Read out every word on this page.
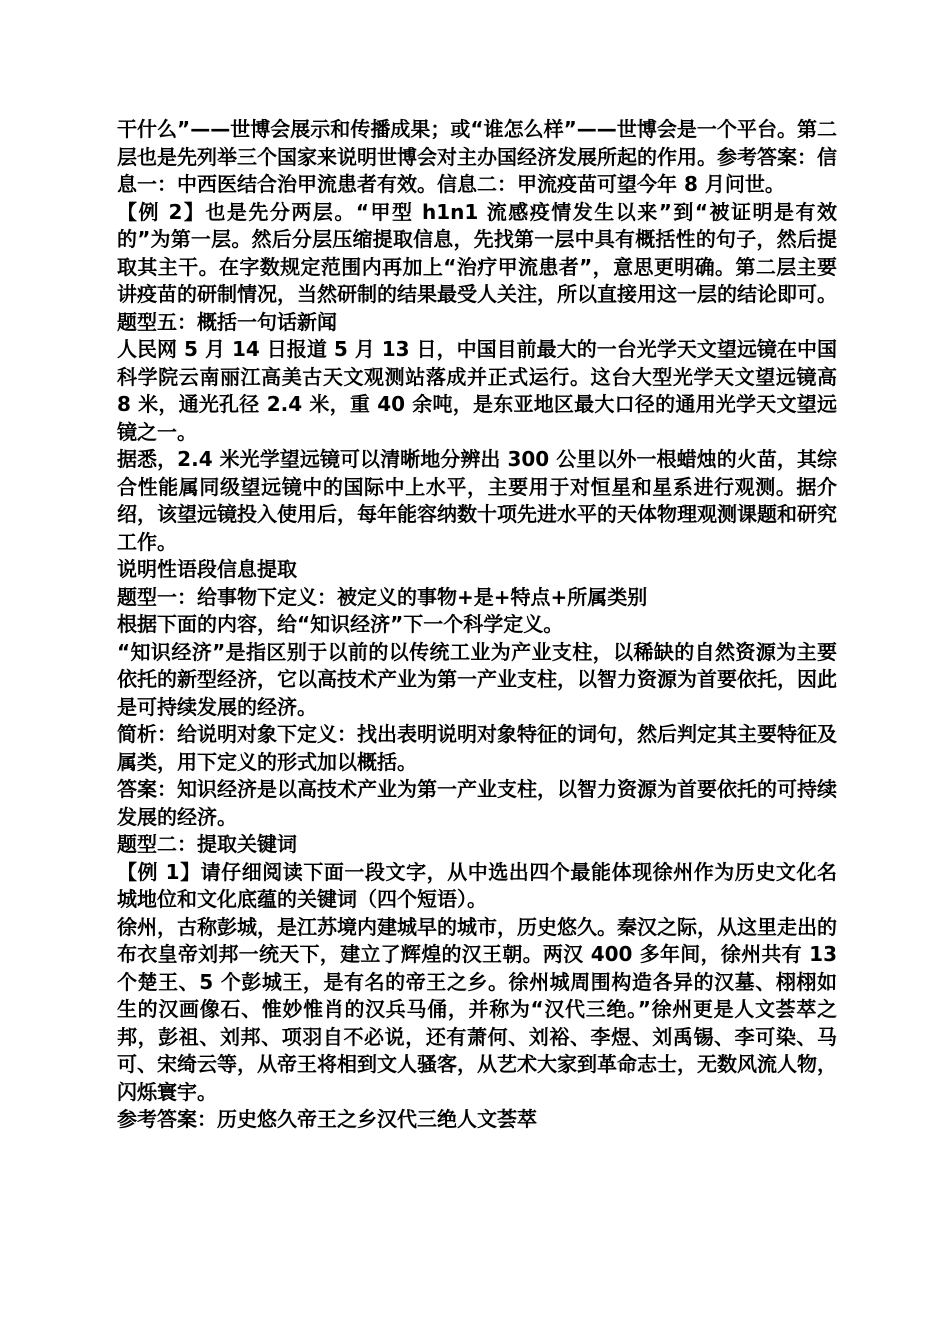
干什么”——世博会展示和传播成果；或“谁怎么样”——世博会是一个平台。第二层也是先列举三个国家来说明世博会对主办国经济发展所起的作用。参考答案：信息一：中西医结合治甲流患者有效。信息二：甲流疫苗可望今年 8 月问世。

【例 2】也是先分两层。“甲型 h1n1 流感疫情发生以来”到“被证明是有效的”为第一层。然后分层压缩提取信息，先找第一层中具有概括性的句子，然后提取其主干。在字数规定范围内再加上“治疗甲流患者”，意思更明确。第二层主要讲疫苗的研制情况，当然研制的结果最受人关注，所以直接用这一层的结论即可。

题型五：概括一句话新闻

人民网 5 月 14 日报道 5 月 13 日，中国目前最大的一台光学天文望远镜在中国科学院云南丽江高美古天文观测站落成并正式运行。这台大型光学天文望远镜高 8 米，通光孔径 2.4 米，重 40 余吨，是东亚地区最大口径的通用光学天文望远镜之一。

据悉，2.4 米光学望远镜可以清晰地分辨出 300 公里以外一根蜡烛的火苗，其综合性能属同级望远镜中的国际中上水平，主要用于对恒星和星系进行观测。据介绍，该望远镜投入使用后，每年能容纳数十项先进水平的天体物理观测课题和研究工作。

说明性语段信息提取

题型一：给事物下定义：被定义的事物+是+特点+所属类别

根据下面的内容，给“知识经济”下一个科学定义。

“知识经济”是指区别于以前的以传统工业为产业支柱，以稀缺的自然资源为主要依托的新型经济，它以高技术产业为第一产业支柱，以智力资源为首要依托，因此是可持续发展的经济。

简析：给说明对象下定义：找出表明说明对象特征的词句，然后判定其主要特征及属类，用下定义的形式加以概括。

答案：知识经济是以高技术产业为第一产业支柱，以智力资源为首要依托的可持续发展的经济。

题型二：提取关键词

【例 1】请仔细阅读下面一段文字，从中选出四个最能体现徐州作为历史文化名城地位和文化底蕴的关键词（四个短语）。

徐州，古称彭城，是江苏境内建城早的城市，历史悠久。秦汉之际，从这里走出的布衣皇帝刘邦一统天下，建立了辉煌的汉王朝。两汉 400 多年间，徐州共有 13 个楚王、5 个彭城王，是有名的帝王之乡。徐州城周围构造各异的汉墓、栩栩如生的汉画像石、惟妙惟肖的汉兵马俑，并称为“汉代三绝。”徐州更是人文荟萃之邦，彭祖、刘邦、项羽自不必说，还有萧何、刘裕、李煜、刘禹锡、李可染、马可、宋绮云等，从帝王将相到文人骚客，从艺术大家到革命志士，无数风流人物，闪烁寰宇。

参考答案：历史悠久帝王之乡汉代三绝人文荟萃
